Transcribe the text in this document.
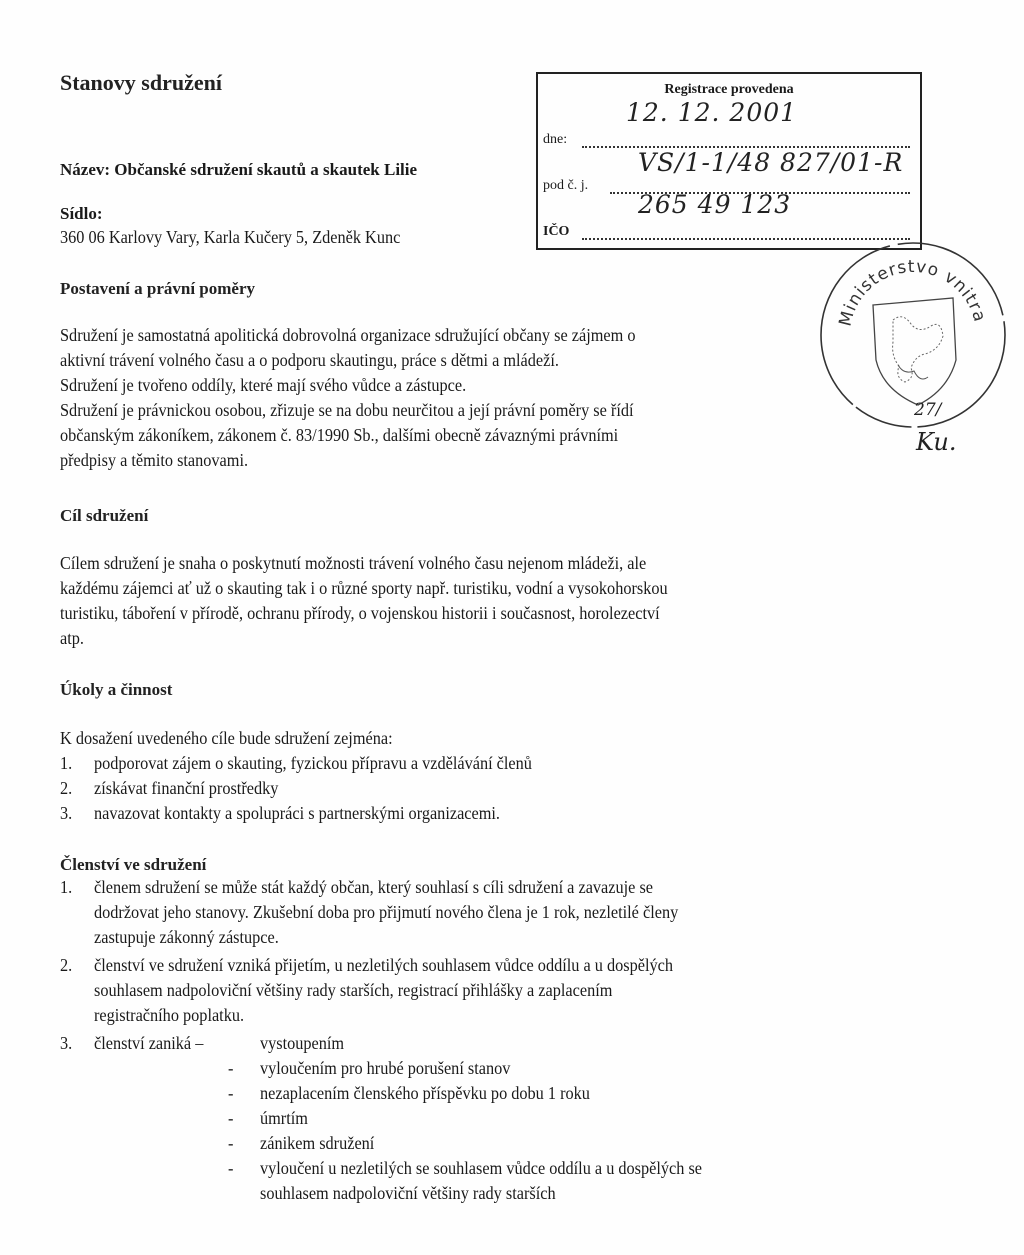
Stanovy sdružení
Název: Občanské sdružení skautů a skautek Lilie
Sídlo:
360 06 Karlovy Vary, Karla Kučery 5, Zdeněk Kunc
Registrace provedena
12. 12. 2001
dne:
VS/1-1/48 827/01-R
pod č. j.
265 49 123
IČO
Ministerstvo vnitra
27/
Ku.
Postavení a právní poměry
Sdružení je samostatná apolitická dobrovolná organizace sdružující občany se zájmem o
aktivní trávení volného času a o podporu skautingu, práce s dětmi a mládeží.
Sdružení je tvořeno oddíly, které mají svého vůdce a zástupce.
Sdružení je právnickou osobou, zřizuje se na dobu neurčitou a její právní poměry se řídí
občanským zákoníkem, zákonem č. 83/1990 Sb., dalšími obecně závaznými právními
předpisy a těmito stanovami.
Cíl sdružení
Cílem sdružení je snaha o poskytnutí možnosti trávení volného času nejenom mládeži, ale
každému zájemci ať už o skauting tak i o různé sporty např. turistiku, vodní a vysokohorskou
turistiku, táboření v přírodě, ochranu přírody, o vojenskou historii i současnost, horolezectví
atp.
Úkoly a činnost
K dosažení uvedeného cíle bude sdružení zejména:
1. podporovat zájem o skauting, fyzickou přípravu a vzdělávání členů
2. získávat finanční prostředky
3. navazovat kontakty a spolupráci s partnerskými organizacemi.
Členství ve sdružení
1. členem sdružení se může stát každý občan, který souhlasí s cíli sdružení a zavazuje se
dodržovat jeho stanovy. Zkušební doba pro přijmutí nového člena je 1 rok, nezletilé členy
zastupuje zákonný zástupce.
2. členství ve sdružení vzniká přijetím, u nezletilých souhlasem vůdce oddílu a u dospělých
souhlasem nadpoloviční většiny rady starších, registrací přihlášky a zaplacením
registračního poplatku.
3. členství zaniká –	vystoupením
- vyloučením pro hrubé porušení stanov
- nezaplacením členského příspěvku po dobu 1 roku
- úmrtím
- zánikem sdružení
- vyloučení u nezletilých se souhlasem vůdce oddílu a u dospělých se
souhlasem nadpoloviční většiny rady starších
